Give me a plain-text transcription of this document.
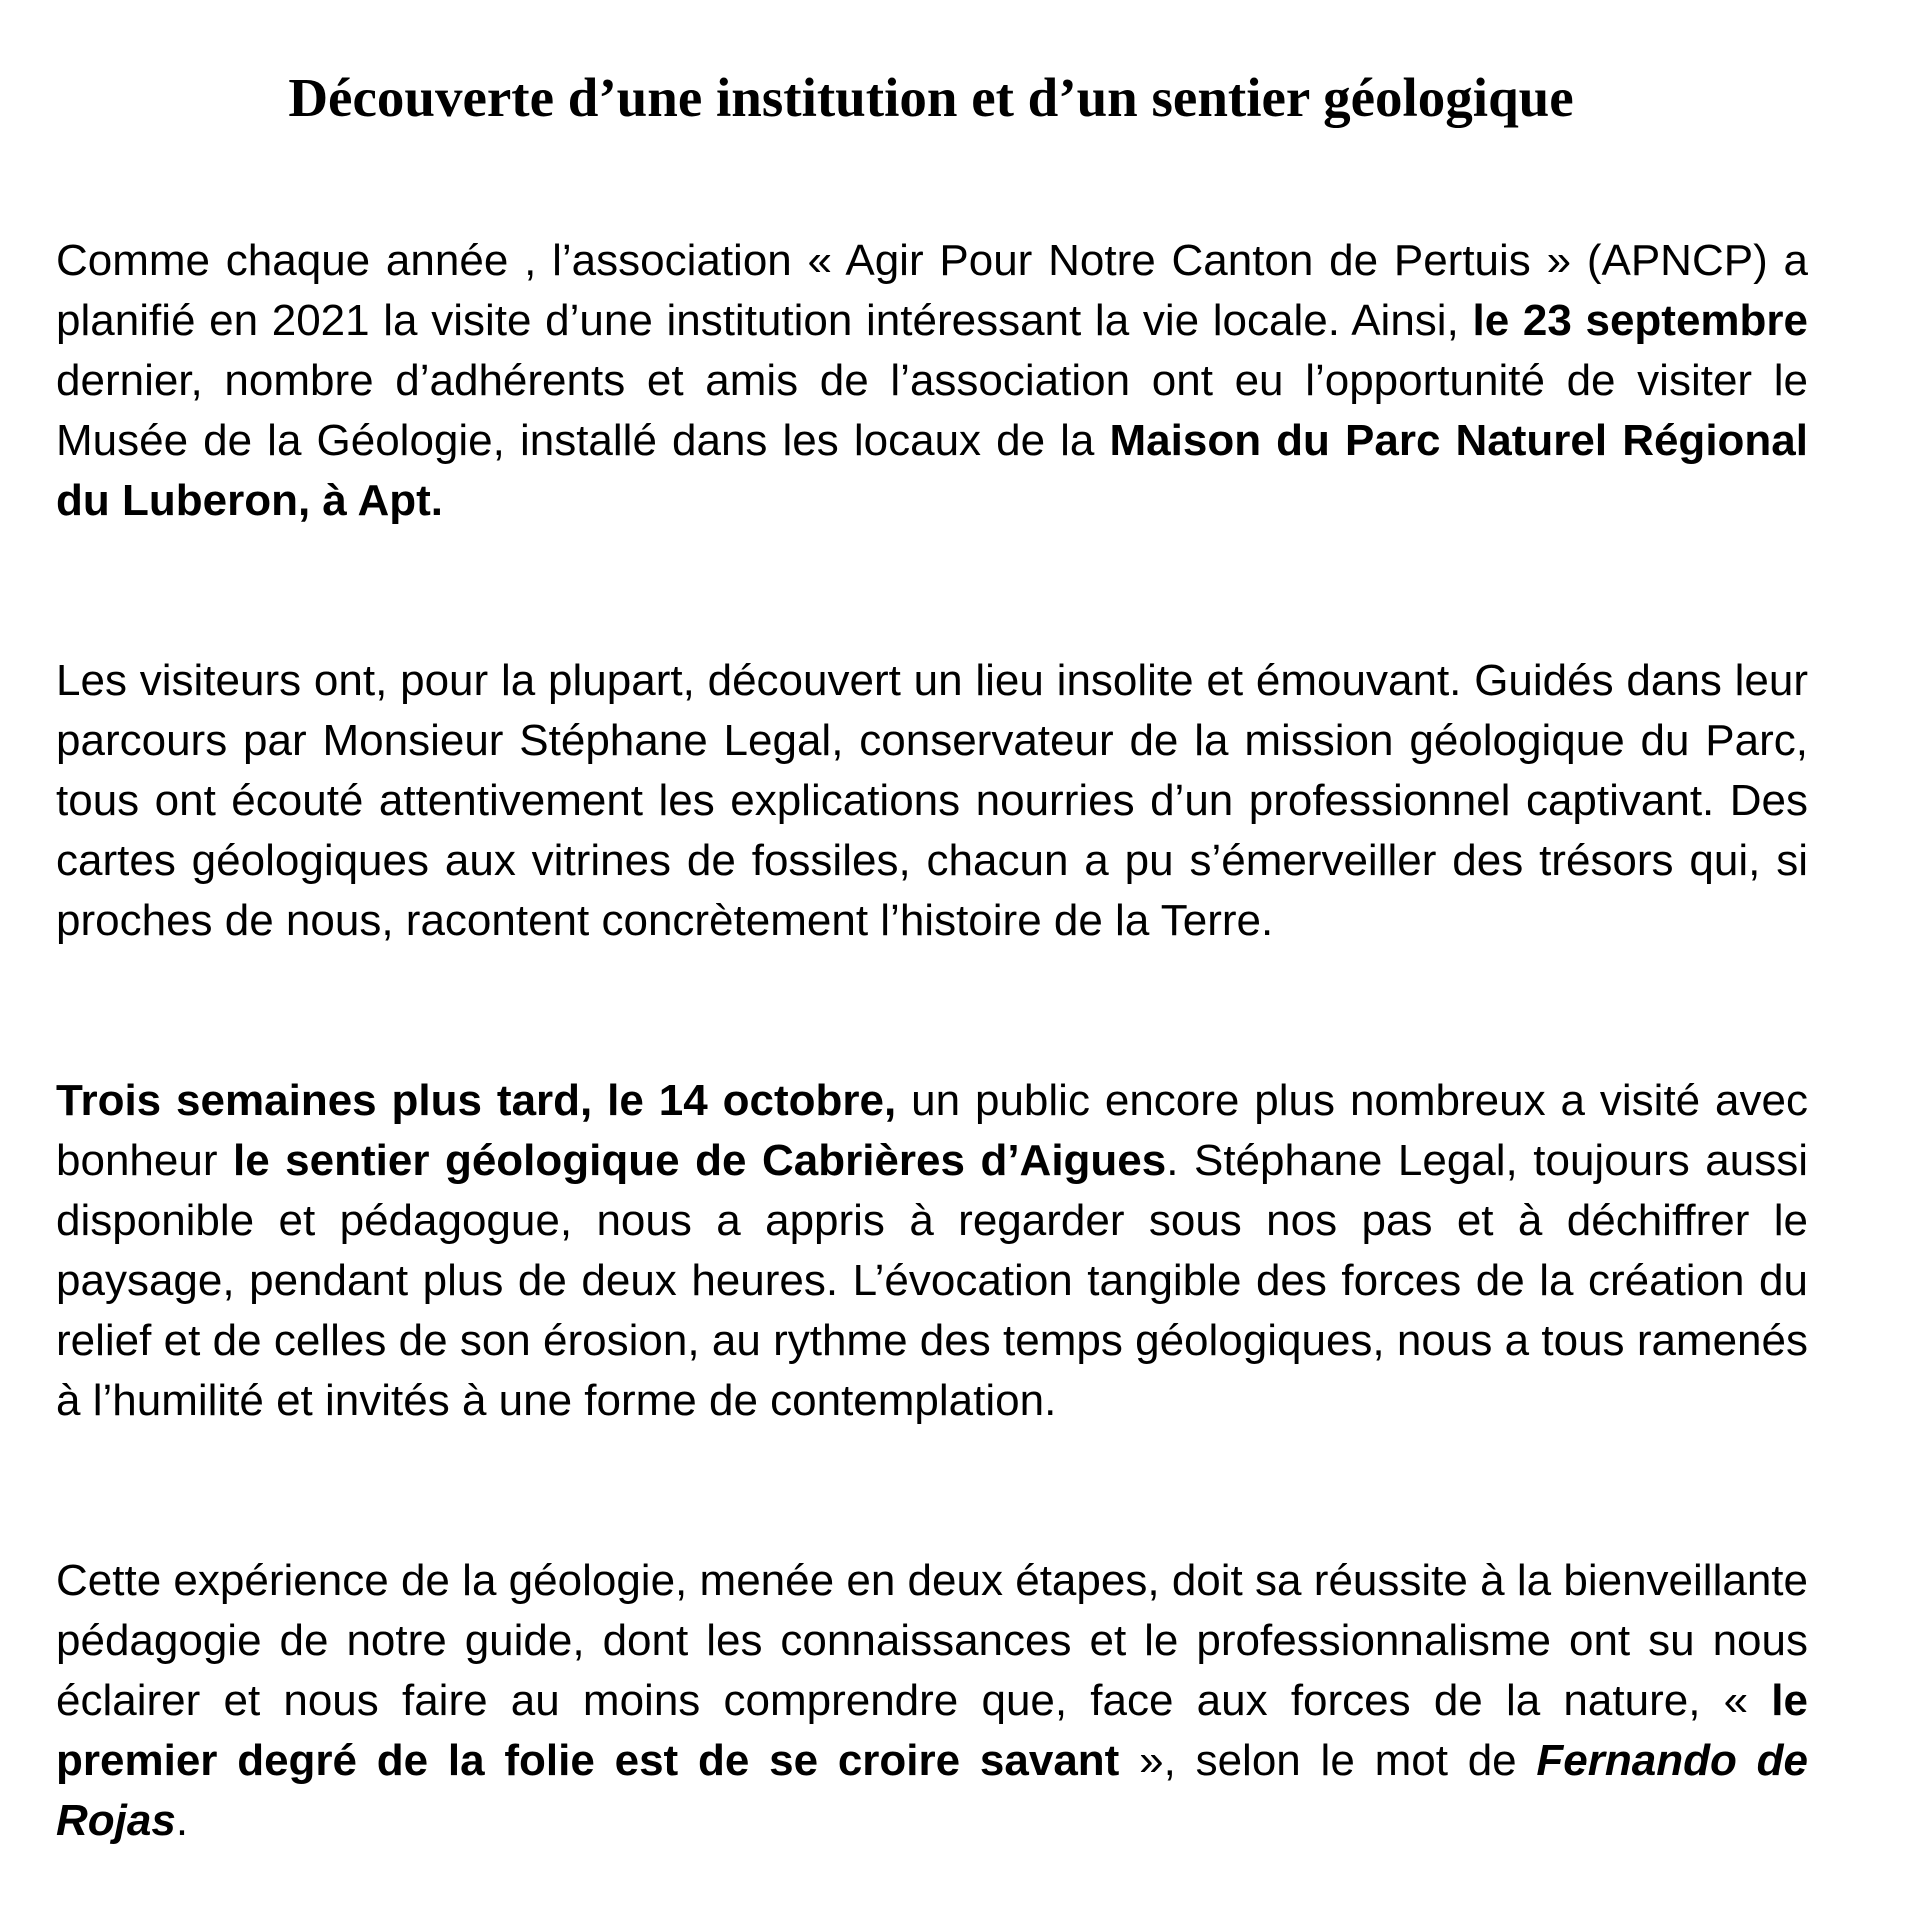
Découverte d’une institution et d’un sentier géologique

Comme chaque année , l’association « Agir Pour Notre Canton de Pertuis » (APNCP) a planifié en 2021 la visite d’une institution intéressant la vie locale. Ainsi, le 23 septembre dernier, nombre d’adhérents et amis de l’association ont eu l’opportunité de visiter le Musée de la Géologie, installé dans les locaux de la Maison du Parc Naturel Régional du Luberon, à Apt.

Les visiteurs ont, pour la plupart, découvert un lieu insolite et émouvant. Guidés dans leur parcours par Monsieur Stéphane Legal, conservateur de la mission géologique du Parc, tous ont écouté attentivement les explications nourries d’un professionnel captivant. Des cartes géologiques aux vitrines de fossiles, chacun a pu s’émerveiller des trésors qui, si proches de nous, racontent concrètement l’histoire de la Terre.

Trois semaines plus tard, le 14 octobre, un public encore plus nombreux a visité avec bonheur le sentier géologique de Cabrières d’Aigues. Stéphane Legal, toujours aussi disponible et pédagogue, nous a appris à regarder sous nos pas et à déchiffrer le paysage, pendant plus de deux heures. L’évocation tangible des forces de la création du relief et de celles de son érosion, au rythme des temps géologiques, nous a tous ramenés à l’humilité et invités à une forme de contemplation.

Cette expérience de la géologie, menée en deux étapes, doit sa réussite à la bienveillante pédagogie de notre guide, dont les connaissances et le professionnalisme ont su nous éclairer et nous faire au moins comprendre que, face aux forces de la nature, « le premier degré de la folie est de se croire savant », selon le mot de Fernando de Rojas.
